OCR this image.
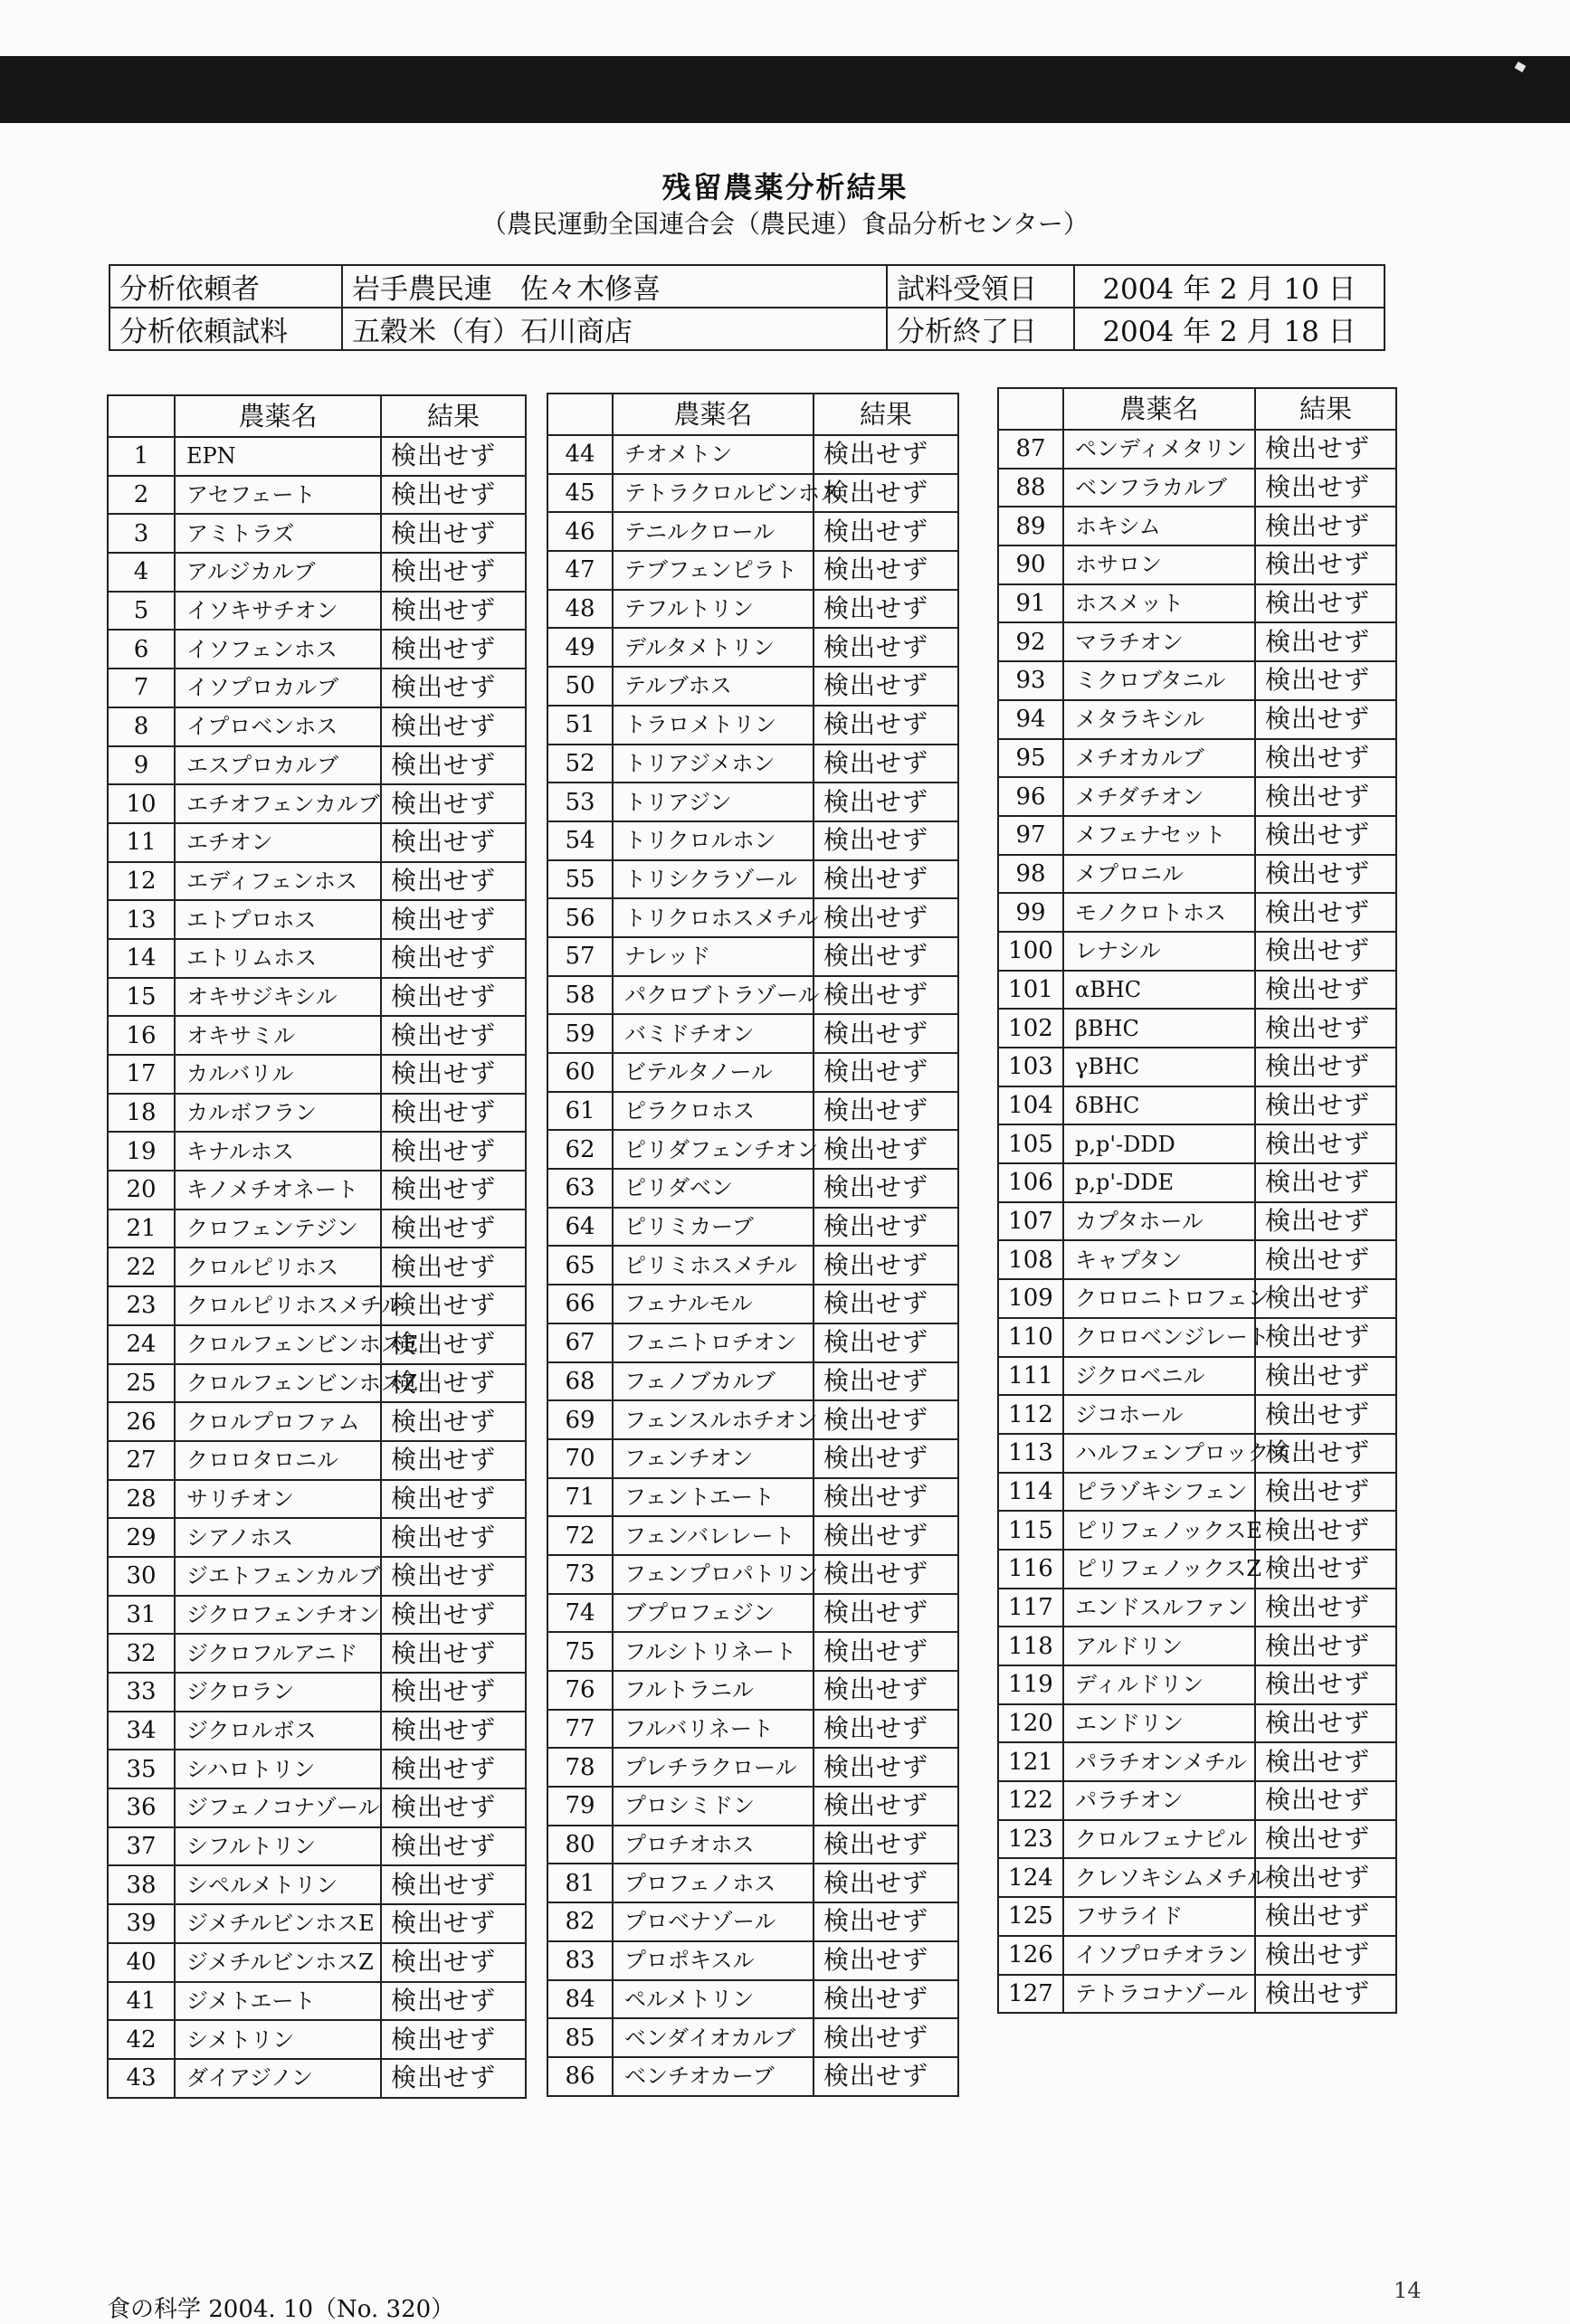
残留農薬分析結果
（農民運動全国連合会（農民連）食品分析センター）
分析依頼者	岩手農民連　佐々木修喜	試料受領日	2004 年 2 月 10 日
分析依頼試料	五穀米（有）石川商店	分析終了日	2004 年 2 月 18 日
	農薬名	結果
1	EPN	検出せず
2	アセフェート	検出せず
3	アミトラズ	検出せず
4	アルジカルブ	検出せず
5	イソキサチオン	検出せず
6	イソフェンホス	検出せず
7	イソプロカルブ	検出せず
8	イプロベンホス	検出せず
9	エスプロカルブ	検出せず
10	エチオフェンカルブ	検出せず
11	エチオン	検出せず
12	エディフェンホス	検出せず
13	エトプロホス	検出せず
14	エトリムホス	検出せず
15	オキサジキシル	検出せず
16	オキサミル	検出せず
17	カルバリル	検出せず
18	カルボフラン	検出せず
19	キナルホス	検出せず
20	キノメチオネート	検出せず
21	クロフェンテジン	検出せず
22	クロルピリホス	検出せず
23	クロルピリホスメチル	検出せず
24	クロルフェンビンホスE	検出せず
25	クロルフェンビンホスZ	検出せず
26	クロルプロファム	検出せず
27	クロロタロニル	検出せず
28	サリチオン	検出せず
29	シアノホス	検出せず
30	ジエトフェンカルブ	検出せず
31	ジクロフェンチオン	検出せず
32	ジクロフルアニド	検出せず
33	ジクロラン	検出せず
34	ジクロルボス	検出せず
35	シハロトリン	検出せず
36	ジフェノコナゾール	検出せず
37	シフルトリン	検出せず
38	シペルメトリン	検出せず
39	ジメチルビンホスE	検出せず
40	ジメチルビンホスZ	検出せず
41	ジメトエート	検出せず
42	シメトリン	検出せず
43	ダイアジノン	検出せず
	農薬名	結果
44	チオメトン	検出せず
45	テトラクロルビンホス	検出せず
46	テニルクロール	検出せず
47	テブフェンピラト	検出せず
48	テフルトリン	検出せず
49	デルタメトリン	検出せず
50	テルブホス	検出せず
51	トラロメトリン	検出せず
52	トリアジメホン	検出せず
53	トリアジン	検出せず
54	トリクロルホン	検出せず
55	トリシクラゾール	検出せず
56	トリクロホスメチル	検出せず
57	ナレッド	検出せず
58	パクロブトラゾール	検出せず
59	バミドチオン	検出せず
60	ビテルタノール	検出せず
61	ピラクロホス	検出せず
62	ピリダフェンチオン	検出せず
63	ピリダベン	検出せず
64	ピリミカーブ	検出せず
65	ピリミホスメチル	検出せず
66	フェナルモル	検出せず
67	フェニトロチオン	検出せず
68	フェノブカルブ	検出せず
69	フェンスルホチオン	検出せず
70	フェンチオン	検出せず
71	フェントエート	検出せず
72	フェンバレレート	検出せず
73	フェンプロパトリン	検出せず
74	ブプロフェジン	検出せず
75	フルシトリネート	検出せず
76	フルトラニル	検出せず
77	フルバリネート	検出せず
78	プレチラクロール	検出せず
79	プロシミドン	検出せず
80	プロチオホス	検出せず
81	プロフェノホス	検出せず
82	プロベナゾール	検出せず
83	プロポキスル	検出せず
84	ペルメトリン	検出せず
85	ベンダイオカルブ	検出せず
86	ベンチオカーブ	検出せず
	農薬名	結果
87	ペンディメタリン	検出せず
88	ベンフラカルブ	検出せず
89	ホキシム	検出せず
90	ホサロン	検出せず
91	ホスメット	検出せず
92	マラチオン	検出せず
93	ミクロブタニル	検出せず
94	メタラキシル	検出せず
95	メチオカルブ	検出せず
96	メチダチオン	検出せず
97	メフェナセット	検出せず
98	メプロニル	検出せず
99	モノクロトホス	検出せず
100	レナシル	検出せず
101	αBHC	検出せず
102	βBHC	検出せず
103	γBHC	検出せず
104	δBHC	検出せず
105	p,p'-DDD	検出せず
106	p,p'-DDE	検出せず
107	カプタホール	検出せず
108	キャプタン	検出せず
109	クロロニトロフェン	検出せず
110	クロロベンジレート	検出せず
111	ジクロベニル	検出せず
112	ジコホール	検出せず
113	ハルフェンプロックス	検出せず
114	ピラゾキシフェン	検出せず
115	ピリフェノックスE	検出せず
116	ピリフェノックスZ	検出せず
117	エンドスルファン	検出せず
118	アルドリン	検出せず
119	ディルドリン	検出せず
120	エンドリン	検出せず
121	パラチオンメチル	検出せず
122	パラチオン	検出せず
123	クロルフェナピル	検出せず
124	クレソキシムメチル	検出せず
125	フサライド	検出せず
126	イソプロチオラン	検出せず
127	テトラコナゾール	検出せず
食の科学 2004. 10（No. 320）
14
